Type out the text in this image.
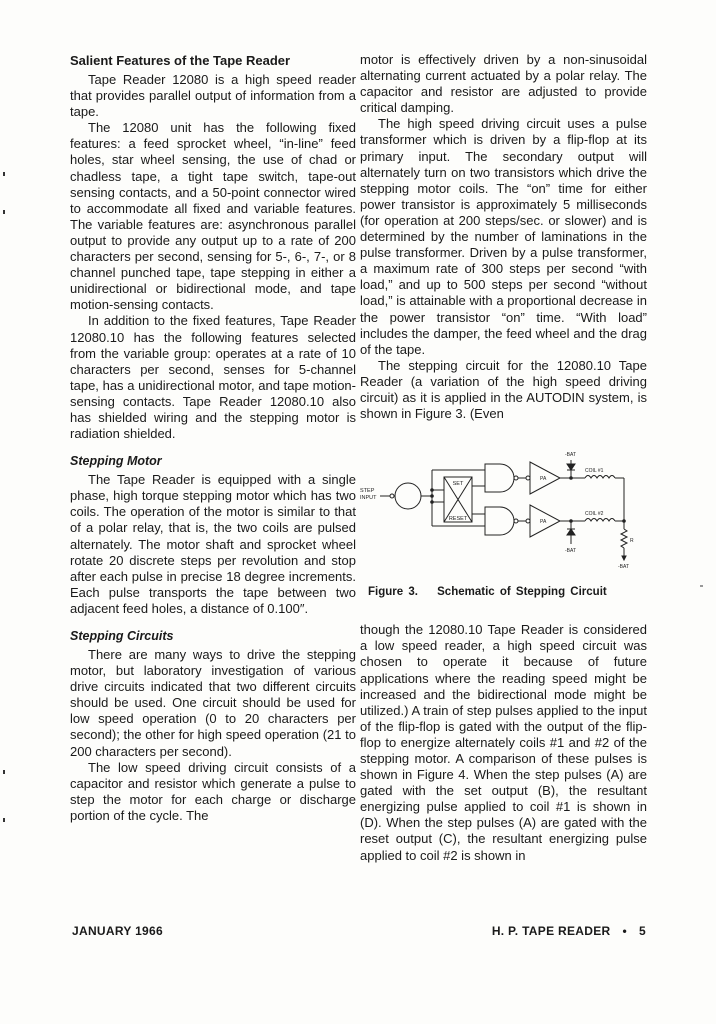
Salient Features of the Tape Reader

Tape Reader 12080 is a high speed reader that provides parallel output of information from a tape.

The 12080 unit has the following fixed features: a feed sprocket wheel, “in-line” feed holes, star wheel sensing, the use of chad or chadless tape, a tight tape switch, tape-out sensing contacts, and a 50-point connector wired to accommodate all fixed and variable features. The variable features are: asynchronous parallel output to provide any output up to a rate of 200 characters per second, sensing for 5-, 6-, 7-, or 8 channel punched tape, tape stepping in either a unidirectional or bidirectional mode, and tape motion-sensing contacts.

In addition to the fixed features, Tape Reader 12080.10 has the following features selected from the variable group: operates at a rate of 10 characters per second, senses for 5-channel tape, has a unidirectional motor, and tape motion-sensing contacts. Tape Reader 12080.10 also has shielded wiring and the stepping motor is radiation shielded.

Stepping Motor

The Tape Reader is equipped with a single phase, high torque stepping motor which has two coils. The operation of the motor is similar to that of a polar relay, that is, the two coils are pulsed alternately. The motor shaft and sprocket wheel rotate 20 discrete steps per revolution and stop after each pulse in precise 18 degree increments. Each pulse transports the tape between two adjacent feed holes, a distance of 0.100″.

Stepping Circuits

There are many ways to drive the stepping motor, but laboratory investigation of various drive circuits indicated that two different circuits should be used. One circuit should be used for low speed operation (0 to 20 characters per second); the other for high speed operation (21 to 200 characters per second).

The low speed driving circuit consists of a capacitor and resistor which generate a pulse to step the motor for each charge or discharge portion of the cycle. The

motor is effectively driven by a non-sinusoidal alternating current actuated by a polar relay. The capacitor and resistor are adjusted to provide critical damping.

The high speed driving circuit uses a pulse transformer which is driven by a flip-flop at its primary input. The secondary output will alternately turn on two transistors which drive the stepping motor coils. The “on” time for either power transistor is approximately 5 milliseconds (for operation at 200 steps/sec. or slower) and is determined by the number of laminations in the pulse transformer. Driven by a pulse transformer, a maximum rate of 300 steps per second “with load,” and up to 500 steps per second “without load,” is attainable with a proportional decrease in the power transistor “on” time. “With load” includes the damper, the feed wheel and the drag of the tape.

The stepping circuit for the 12080.10 Tape Reader (a variation of the high speed driving circuit) as it is applied in the AUTODIN system, is shown in Figure 3. (Even

STEP
INPUT
SET
RESET
PA
PA
-BAT
COIL #1
-BAT
COIL #2
R
-BAT
Figure 3. Schematic of Stepping Circuit

though the 12080.10 Tape Reader is considered a low speed reader, a high speed circuit was chosen to operate it because of future applications where the reading speed might be increased and the bidirectional mode might be utilized.) A train of step pulses applied to the input of the flip-flop is gated with the output of the flip-flop to energize alternately coils #1 and #2 of the stepping motor. A comparison of these pulses is shown in Figure 4. When the step pulses (A) are gated with the set output (B), the resultant energizing pulse applied to coil #1 is shown in (D). When the step pulses (A) are gated with the reset output (C), the resultant energizing pulse applied to coil #2 is shown in

JANUARY 1966	H. P. TAPE READER • 5
